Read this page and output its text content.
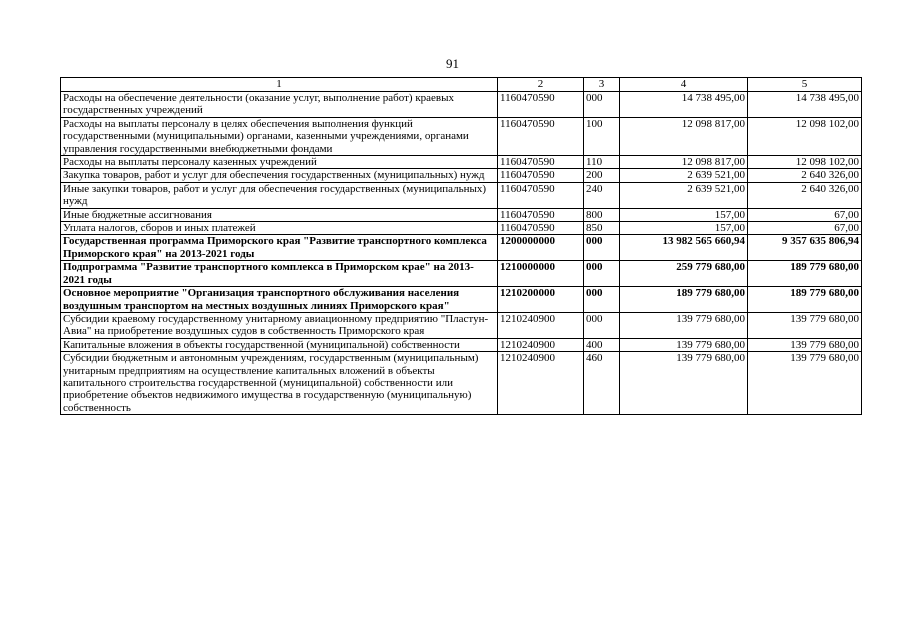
91
1	2	3	4	5
Расходы на обеспечение деятельности (оказание услуг, выполнение работ) краевых государственных учреждений	1160470590	000	14 738 495,00	14 738 495,00
Расходы на выплаты персоналу в целях обеспечения выполнения функций государственными (муниципальными) органами, казенными учреждениями, органами управления государственными внебюджетными фондами	1160470590	100	12 098 817,00	12 098 102,00
Расходы на выплаты персоналу казенных учреждений	1160470590	110	12 098 817,00	12 098 102,00
Закупка товаров, работ и услуг для обеспечения государственных (муниципальных) нужд	1160470590	200	2 639 521,00	2 640 326,00
Иные закупки товаров, работ и услуг для обеспечения государственных (муниципальных) нужд	1160470590	240	2 639 521,00	2 640 326,00
Иные бюджетные ассигнования	1160470590	800	157,00	67,00
Уплата налогов, сборов и иных платежей	1160470590	850	157,00	67,00
Государственная программа Приморского края "Развитие транспортного комплекса Приморского края" на 2013-2021 годы	1200000000	000	13 982 565 660,94	9 357 635 806,94
Подпрограмма "Развитие транспортного комплекса в Приморском крае" на 2013-2021 годы	1210000000	000	259 779 680,00	189 779 680,00
Основное мероприятие "Организация транспортного обслуживания населения воздушным транспортом на местных воздушных линиях Приморского края"	1210200000	000	189 779 680,00	189 779 680,00
Субсидии краевому государственному унитарному авиационному предприятию "Пластун-Авиа" на приобретение воздушных судов в собственность Приморского края	1210240900	000	139 779 680,00	139 779 680,00
Капитальные вложения в объекты государственной (муниципальной) собственности	1210240900	400	139 779 680,00	139 779 680,00
Субсидии бюджетным и автономным учреждениям, государственным (муниципальным) унитарным предприятиям на осуществление капитальных вложений в объекты капитального строительства государственной (муниципальной) собственности или приобретение объектов недвижимого имущества в государственную (муниципальную) собственность	1210240900	460	139 779 680,00	139 779 680,00
